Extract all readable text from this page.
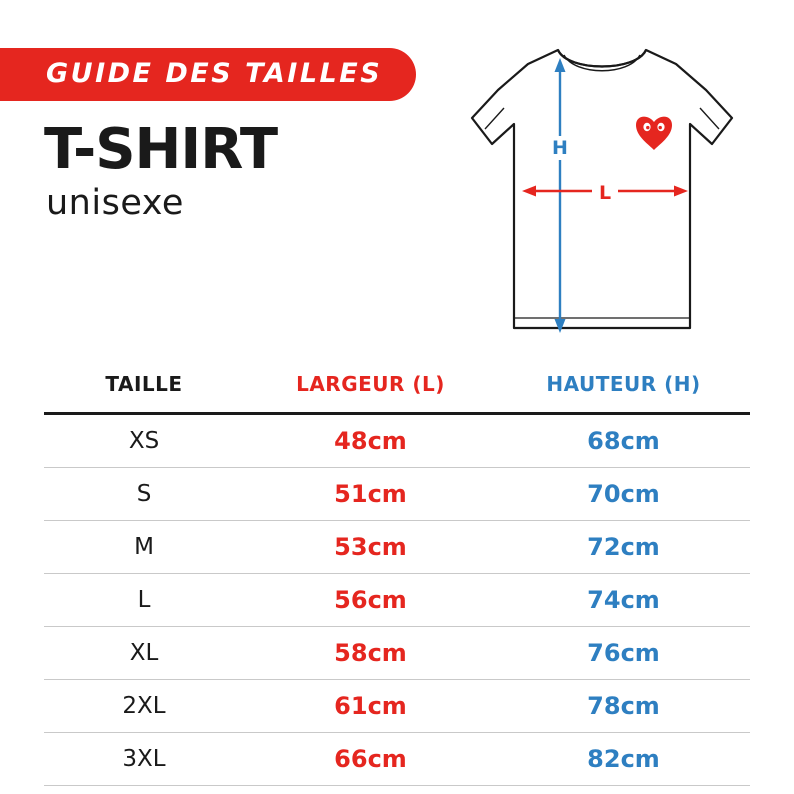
GUIDE DES TAILLES
T-SHIRT
unisexe
H
L
TAILLE	LARGEUR (L)	HAUTEUR (H)
XS	48cm	68cm
S	51cm	70cm
M	53cm	72cm
L	56cm	74cm
XL	58cm	76cm
2XL	61cm	78cm
3XL	66cm	82cm
